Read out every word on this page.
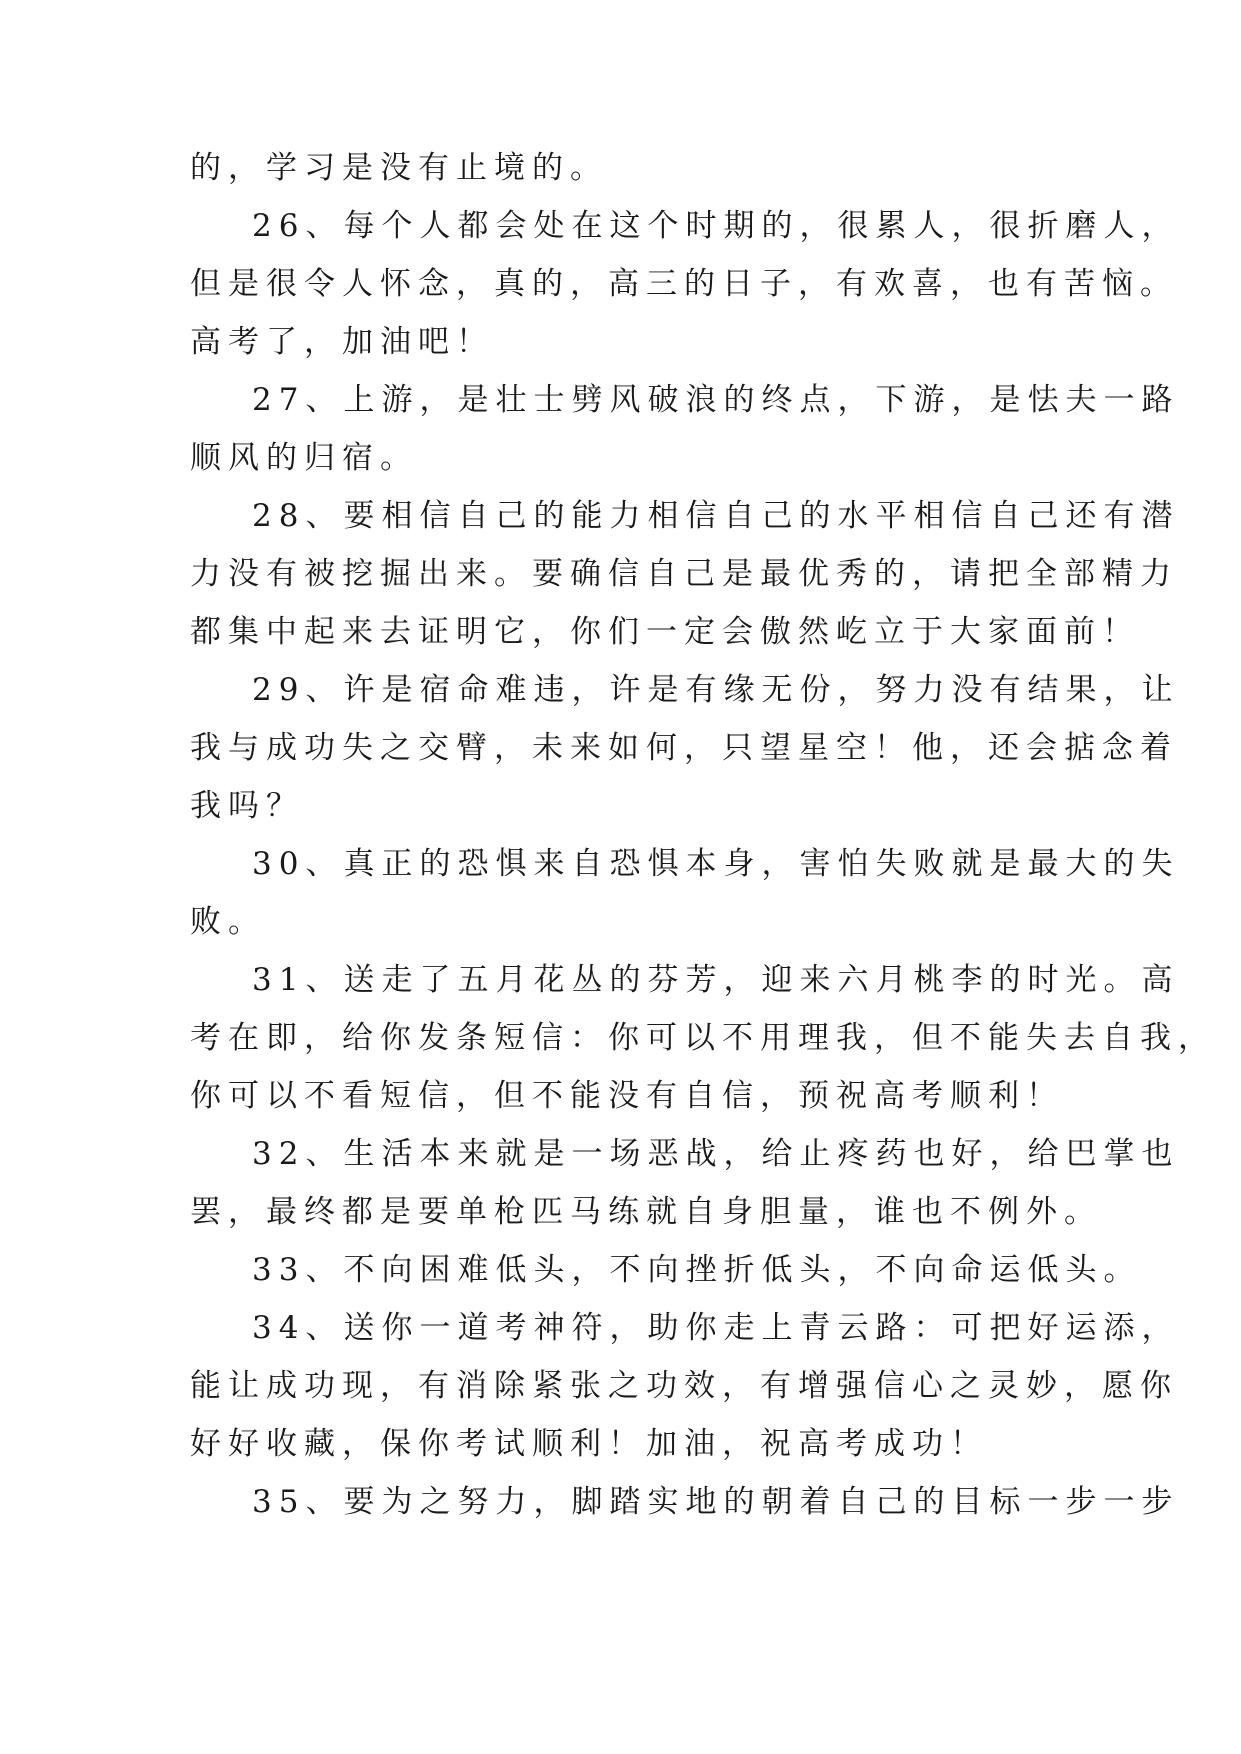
的，学习是没有止境的。
26、每个人都会处在这个时期的，很累人，很折磨人，
但是很令人怀念，真的，高三的日子，有欢喜，也有苦恼。
高考了，加油吧！
27、上游，是壮士劈风破浪的终点，下游，是怯夫一路
顺风的归宿。
28、要相信自己的能力相信自己的水平相信自己还有潜
力没有被挖掘出来。要确信自己是最优秀的，请把全部精力
都集中起来去证明它，你们一定会傲然屹立于大家面前！
29、许是宿命难违，许是有缘无份，努力没有结果，让
我与成功失之交臂，未来如何，只望星空！他，还会掂念着
我吗？
30、真正的恐惧来自恐惧本身，害怕失败就是最大的失
败。
31、送走了五月花丛的芬芳，迎来六月桃李的时光。高
考在即，给你发条短信：你可以不用理我，但不能失去自我，
你可以不看短信，但不能没有自信，预祝高考顺利！
32、生活本来就是一场恶战，给止疼药也好，给巴掌也
罢，最终都是要单枪匹马练就自身胆量，谁也不例外。
33、不向困难低头，不向挫折低头，不向命运低头。
34、送你一道考神符，助你走上青云路：可把好运添，
能让成功现，有消除紧张之功效，有增强信心之灵妙，愿你
好好收藏，保你考试顺利！加油，祝高考成功！
35、要为之努力，脚踏实地的朝着自己的目标一步一步
